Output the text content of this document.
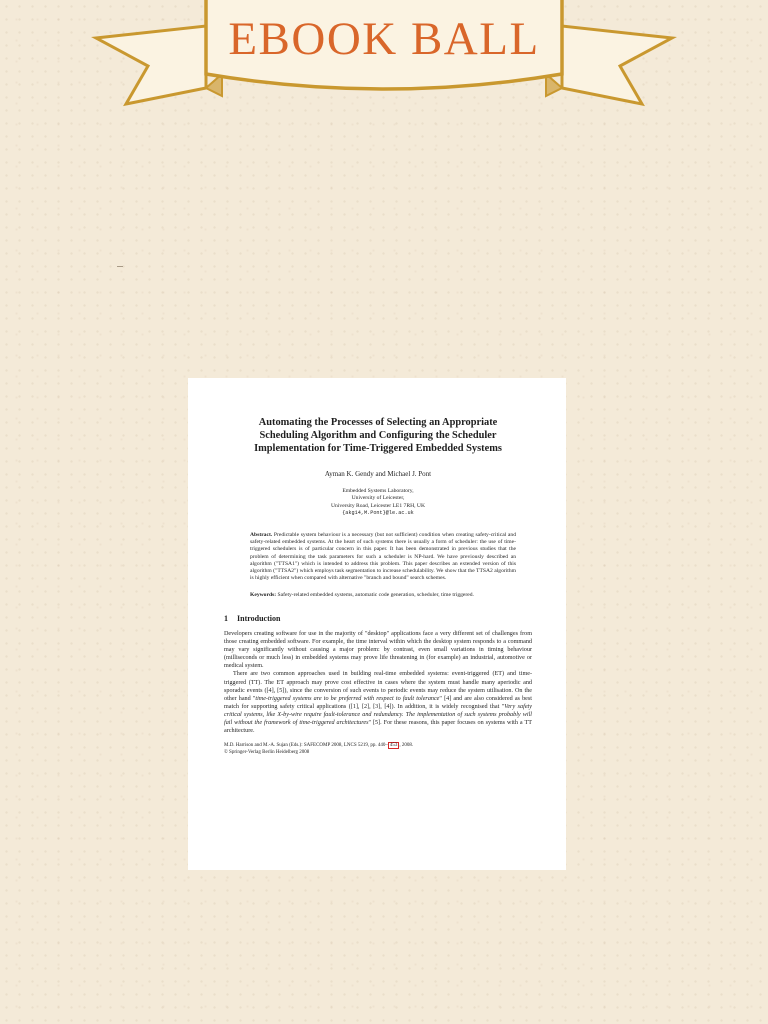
EBOOK BALL
Automating the Processes of Selecting an Appropriate
Scheduling Algorithm and Configuring the Scheduler
Implementation for Time-Triggered Embedded Systems
Ayman K. Gendy and Michael J. Pont
Embedded Systems Laboratory,
University of Leicester,
University Road, Leicester LE1 7RH, UK
{akg14,M.Pont}@le.ac.uk
Abstract. Predictable system behaviour is a necessary (but not sufficient) condition when creating safety-critical and safety-related embedded systems. At the heart of such systems there is usually a form of scheduler: the use of time-triggered schedulers is of particular concern in this paper. It has been demonstrated in previous studies that the problem of determining the task parameters for such a scheduler is NP-hard. We have previously described an algorithm ("TTSA1") which is intended to address this problem. This paper describes an extended version of this algorithm ("TTSA2") which employs task segmentation to increase schedulability. We show that the TTSA2 algorithm is highly efficient when compared with alternative "branch and bound" search schemes.
Keywords: Safety-related embedded systems, automatic code generation, scheduler, time triggered.
1 Introduction
Developers creating software for use in the majority of "desktop" applications face a very different set of challenges from those creating embedded software. For example, the time interval within which the desktop system responds to a command may vary significantly without causing a major problem: by contrast, even small variations in timing behaviour (milliseconds or much less) in embedded systems may prove life threatening in (for example) an industrial, automotive or medical system.
There are two common approaches used in building real-time embedded systems: event-triggered (ET) and time-triggered (TT). The ET approach may prove cost effective in cases where the system must handle many aperiodic and sporadic events ([4], [5]), since the conversion of such events to periodic events may reduce the system utilisation. On the other hand "time-triggered systems are to be preferred with respect to fault tolerance" [4] and are also considered as best match for supporting safety critical applications ([1], [2], [3], [4]). In addition, it is widely recognised that "Very safety critical systems, like X-by-wire require fault-tolerance and redundancy. The implementation of such systems probably will fail without the framework of time-triggered architectures" [5]. For these reasons, this paper focuses on systems with a TT architecture.
M.D. Harrison and M.-A. Sujan (Eds.): SAFECOMP 2008, LNCS 5219, pp. 440– 453 , 2008.
© Springer-Verlag Berlin Heidelberg 2008
